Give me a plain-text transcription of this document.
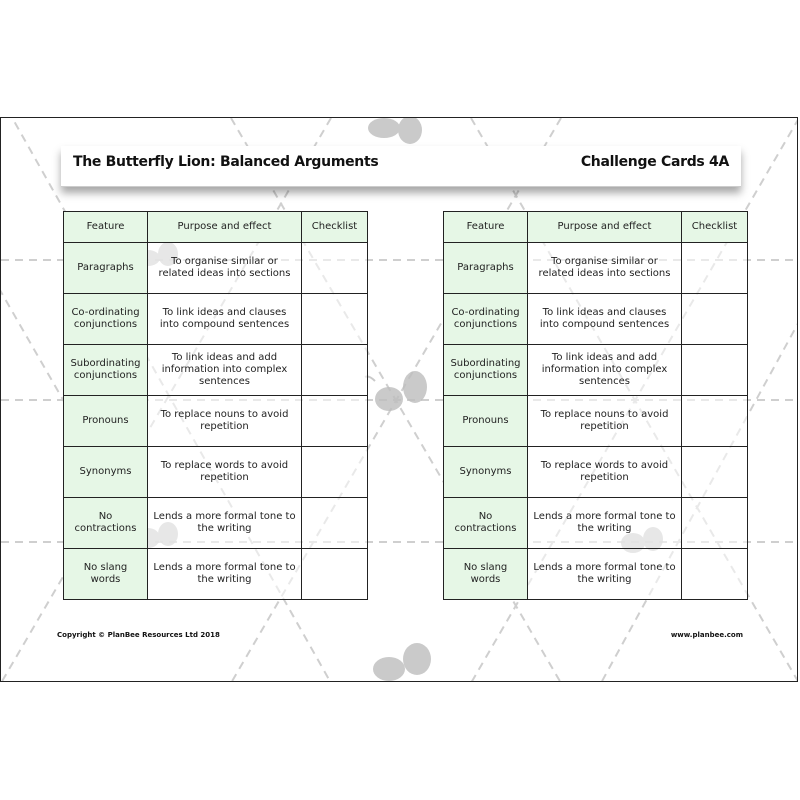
The Butterfly Lion: Balanced Arguments	Challenge Cards 4A
Feature	Purpose and effect	Checklist
Paragraphs	To organise similar or related ideas into sections	
Co-ordinating conjunctions	To link ideas and clauses into compound sentences	
Subordinating conjunctions	To link ideas and add information into complex sentences	
Pronouns	To replace nouns to avoid repetition	
Synonyms	To replace words to avoid repetition	
No contractions	Lends a more formal tone to the writing	
No slang words	Lends a more formal tone to the writing	
Feature	Purpose and effect	Checklist
Paragraphs	To organise similar or related ideas into sections	
Co-ordinating conjunctions	To link ideas and clauses into compound sentences	
Subordinating conjunctions	To link ideas and add information into complex sentences	
Pronouns	To replace nouns to avoid repetition	
Synonyms	To replace words to avoid repetition	
No contractions	Lends a more formal tone to the writing	
No slang words	Lends a more formal tone to the writing	
Copyright © PlanBee Resources Ltd 2018	www.planbee.com
